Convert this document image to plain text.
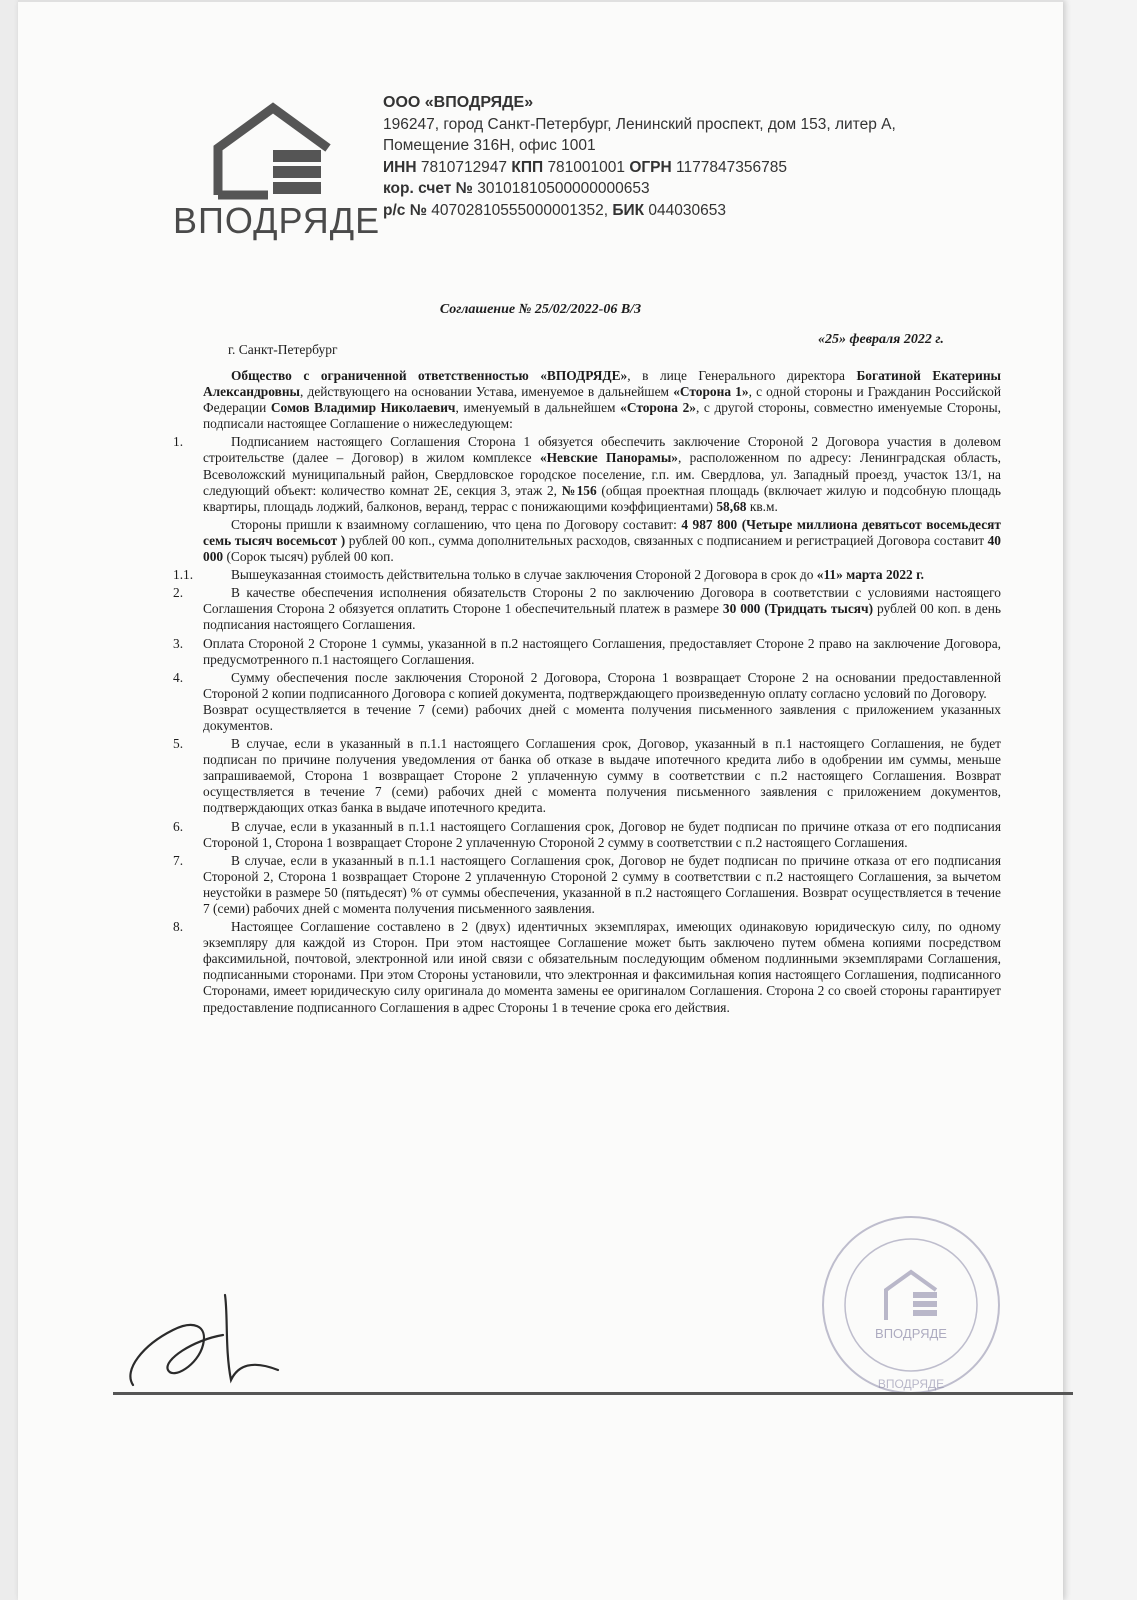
ВПОДРЯДЕ
ООО «ВПОДРЯДЕ»
196247, город Санкт-Петербург, Ленинский проспект, дом 153, литер А,
Помещение 316Н, офис 1001
ИНН 7810712947 КПП 781001001 ОГРН 1177847356785
кор. счет № 30101810500000000653
р/с № 40702810555000001352, БИК 044030653
Соглашение № 25/02/2022-06 В/З
г. Санкт-Петербург
«25» февраля 2022 г.

Общество с ограниченной ответственностью «ВПОДРЯДЕ», в лице Генерального директора Богатиной Екатерины Александровны, действующего на основании Устава, именуемое в дальнейшем «Сторона 1», с одной стороны и Гражданин Российской Федерации Сомов Владимир Николаевич, именуемый в дальнейшем «Сторона 2», с другой стороны, совместно именуемые Стороны, подписали настоящее Соглашение о нижеследующем:

1.	Подписанием настоящего Соглашения Сторона 1 обязуется обеспечить заключение Стороной 2 Договора участия в долевом строительстве (далее – Договор) в жилом комплексе «Невские Панорамы», расположенном по адресу: Ленинградская область, Всеволожский муниципальный район, Свердловское городское поселение, г.п. им. Свердлова, ул. Западный проезд, участок 13/1, на следующий объект: количество комнат 2Е, секция 3, этаж 2, №156 (общая проектная площадь (включает жилую и подсобную площадь квартиры, площадь лоджий, балконов, веранд, террас с понижающими коэффициентами) 58,68 кв.м.
Стороны пришли к взаимному соглашению, что цена по Договору составит: 4 987 800 (Четыре миллиона девятьсот восемьдесят семь тысяч восемьсот ) рублей 00 коп., сумма дополнительных расходов, связанных с подписанием и регистрацией Договора составит 40 000 (Сорок тысяч) рублей 00 коп.
1.1.	Вышеуказанная стоимость действительна только в случае заключения Стороной 2 Договора в срок до «11» марта 2022 г.
2.	В качестве обеспечения исполнения обязательств Стороны 2 по заключению Договора в соответствии с условиями настоящего Соглашения Сторона 2 обязуется оплатить Стороне 1 обеспечительный платеж в размере 30 000 (Тридцать тысяч) рублей 00 коп. в день подписания настоящего Соглашения.
3.	Оплата Стороной 2 Стороне 1 суммы, указанной в п.2 настоящего Соглашения, предоставляет Стороне 2 право на заключение Договора, предусмотренного п.1 настоящего Соглашения.
4.	Сумму обеспечения после заключения Стороной 2 Договора, Сторона 1 возвращает Стороне 2 на основании предоставленной Стороной 2 копии подписанного Договора с копией документа, подтверждающего произведенную оплату согласно условий по Договору.
Возврат осуществляется в течение 7 (семи) рабочих дней с момента получения письменного заявления с приложением указанных документов.
5.	В случае, если в указанный в п.1.1 настоящего Соглашения срок, Договор, указанный в п.1 настоящего Соглашения, не будет подписан по причине получения уведомления от банка об отказе в выдаче ипотечного кредита либо в одобрении им суммы, меньше запрашиваемой, Сторона 1 возвращает Стороне 2 уплаченную сумму в соответствии с п.2 настоящего Соглашения. Возврат осуществляется в течение 7 (семи) рабочих дней с момента получения письменного заявления с приложением документов, подтверждающих отказ банка в выдаче ипотечного кредита.
6.	В случае, если в указанный в п.1.1 настоящего Соглашения срок, Договор не будет подписан по причине отказа от его подписания Стороной 1, Сторона 1 возвращает Стороне 2 уплаченную Стороной 2 сумму в соответствии с п.2 настоящего Соглашения.
7.	В случае, если в указанный в п.1.1 настоящего Соглашения срок, Договор не будет подписан по причине отказа от его подписания Стороной 2, Сторона 1 возвращает Стороне 2 уплаченную Стороной 2 сумму в соответствии с п.2 настоящего Соглашения, за вычетом неустойки в размере 50 (пятьдесят) % от суммы обеспечения, указанной в п.2 настоящего Соглашения. Возврат осуществляется в течение 7 (семи) рабочих дней с момента получения письменного заявления.
8.	Настоящее Соглашение составлено в 2 (двух) идентичных экземплярах, имеющих одинаковую юридическую силу, по одному экземпляру для каждой из Сторон. При этом настоящее Соглашение может быть заключено путем обмена копиями посредством факсимильной, почтовой, электронной или иной связи с обязательным последующим обменом подлинными экземплярами Соглашения, подписанными сторонами. При этом Стороны установили, что электронная и факсимильная копия настоящего Соглашения, подписанного Сторонами, имеет юридическую силу оригинала до момента замены ее оригиналом Соглашения. Сторона 2 со своей стороны гарантирует предоставление подписанного Соглашения в адрес Стороны 1 в течение срока его действия.
ВПОДРЯДЕ
ВПОДРЯДЕ
